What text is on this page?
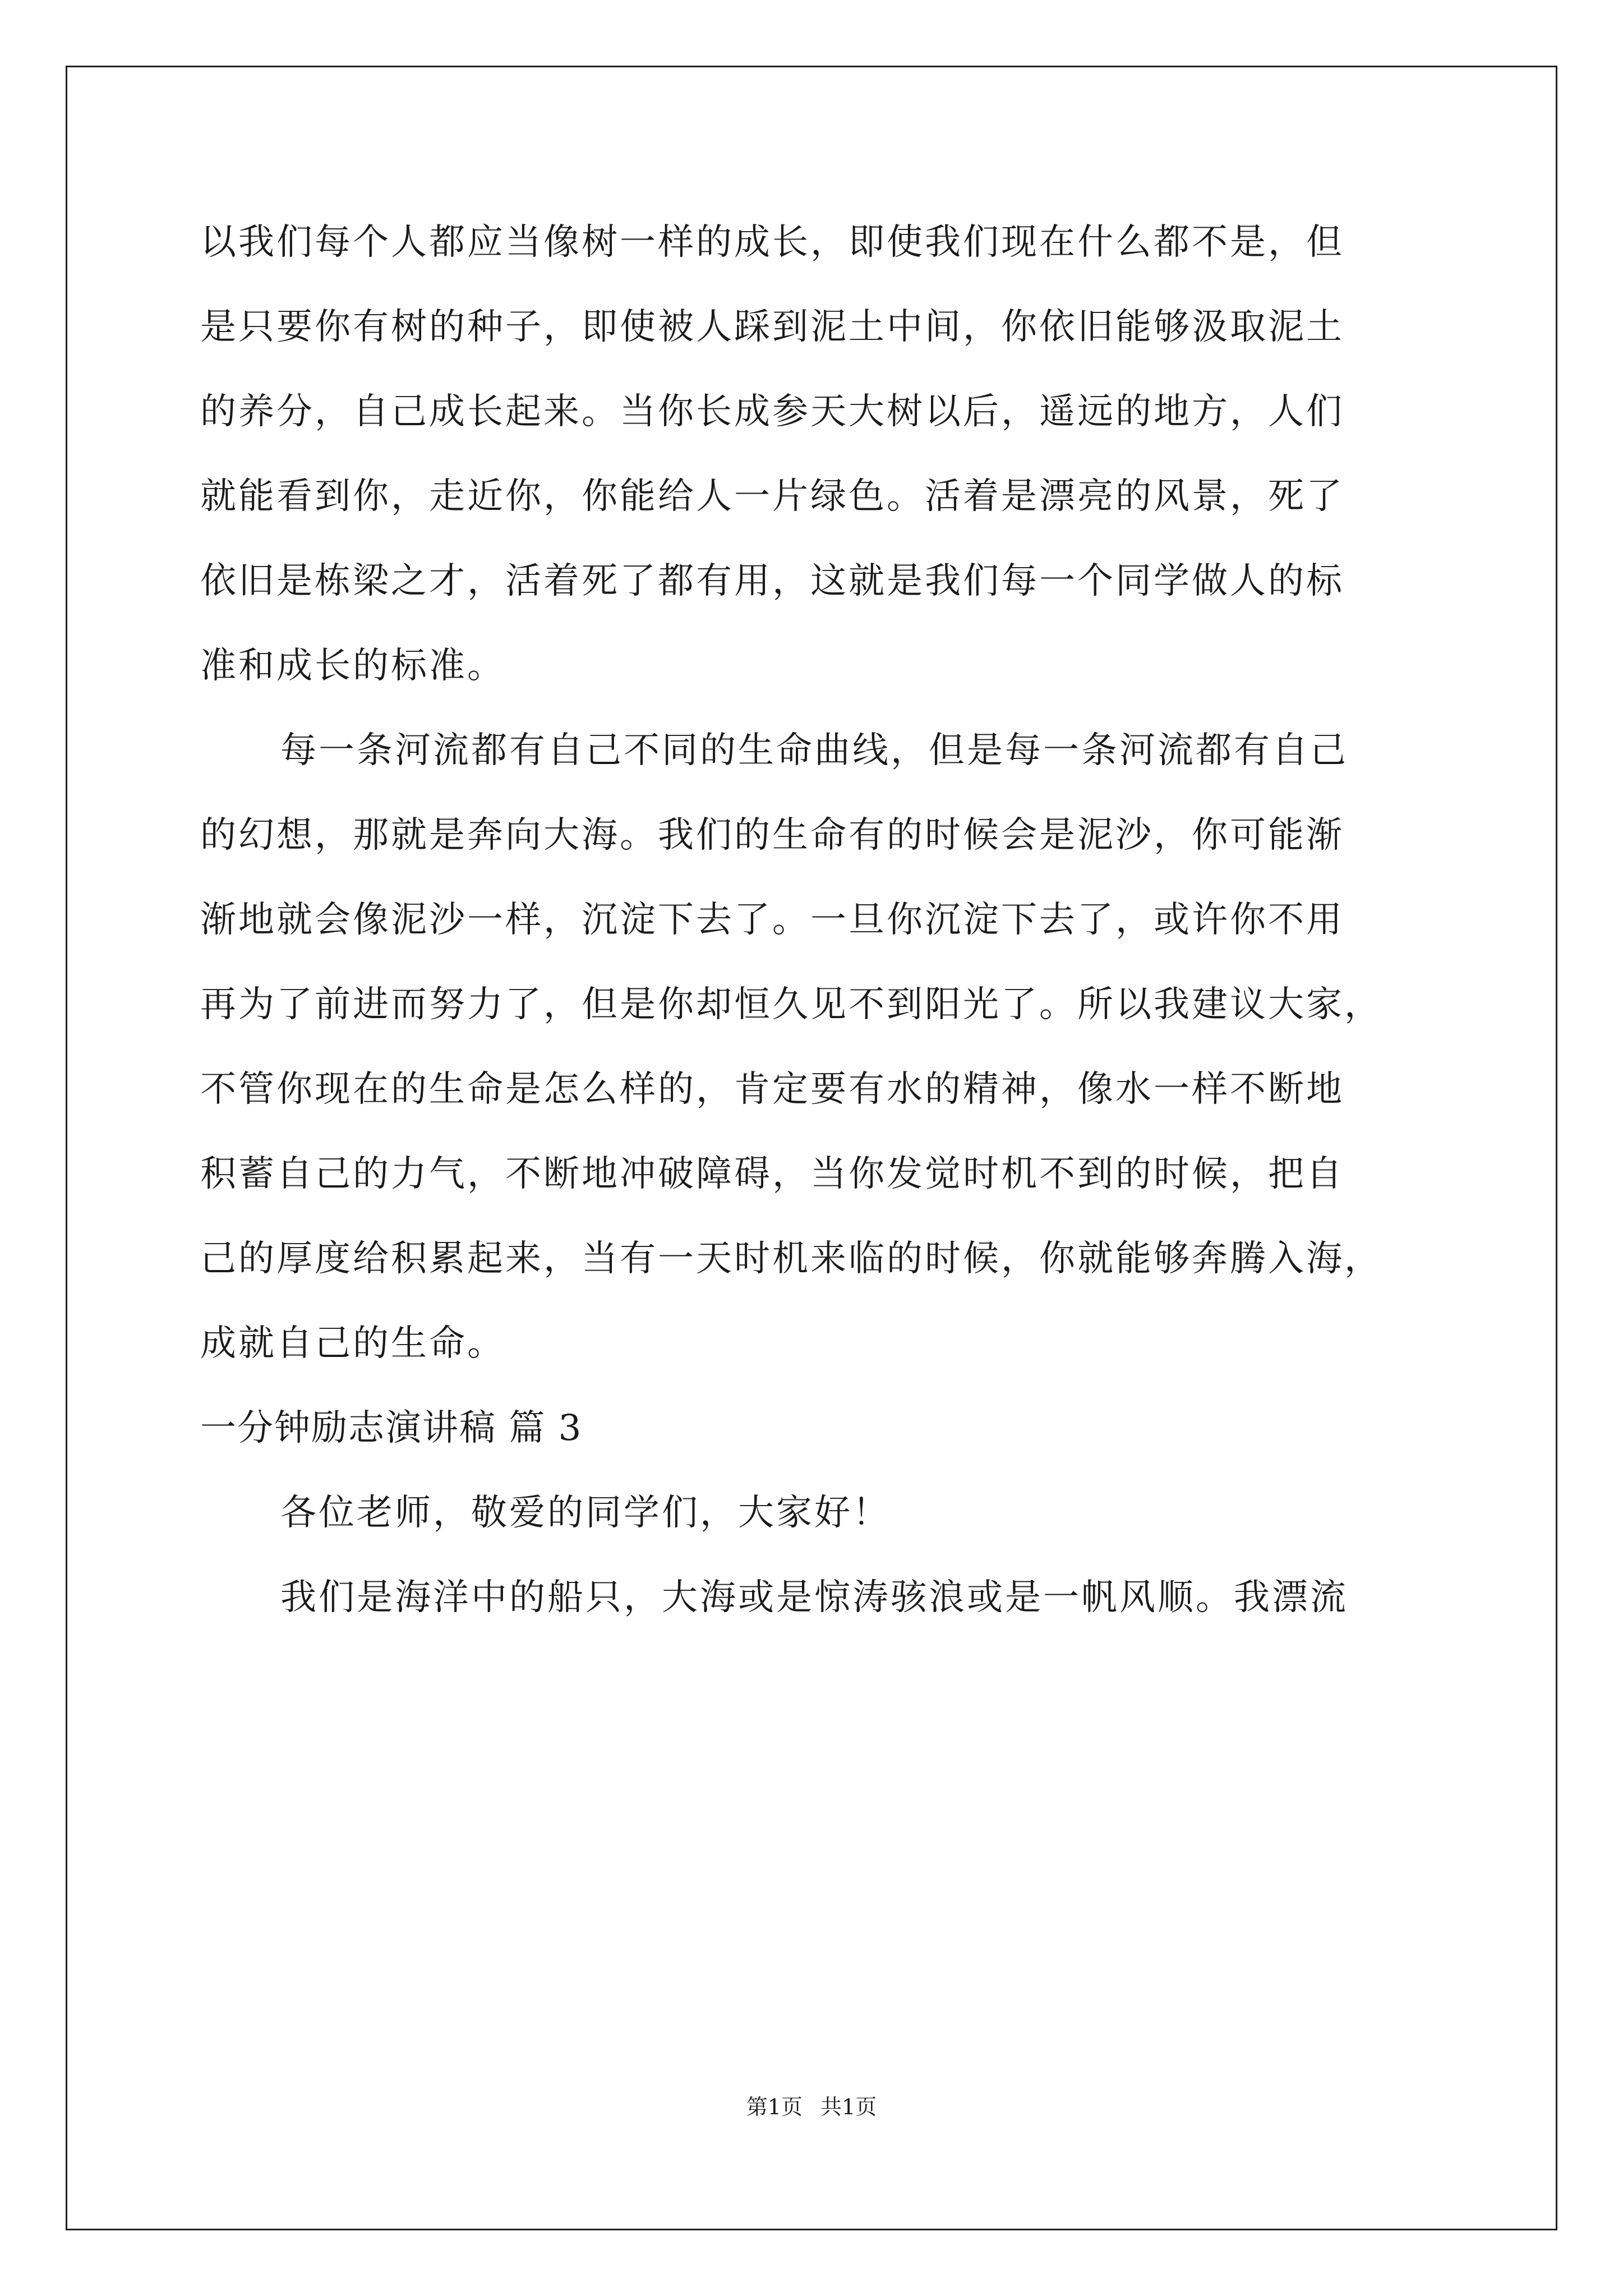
以我们每个人都应当像树一样的成长，即使我们现在什么都不是，但
是只要你有树的种子，即使被人踩到泥土中间，你依旧能够汲取泥土
的养分，自己成长起来。当你长成参天大树以后，遥远的地方，人们
就能看到你，走近你，你能给人一片绿色。活着是漂亮的风景，死了
依旧是栋梁之才，活着死了都有用，这就是我们每一个同学做人的标
准和成长的标准。
每一条河流都有自己不同的生命曲线，但是每一条河流都有自己
的幻想，那就是奔向大海。我们的生命有的时候会是泥沙，你可能渐
渐地就会像泥沙一样，沉淀下去了。一旦你沉淀下去了，或许你不用
再为了前进而努力了，但是你却恒久见不到阳光了。所以我建议大家，
不管你现在的生命是怎么样的，肯定要有水的精神，像水一样不断地
积蓄自己的力气，不断地冲破障碍，当你发觉时机不到的时候，把自
己的厚度给积累起来，当有一天时机来临的时候，你就能够奔腾入海，
成就自己的生命。
一分钟励志演讲稿 篇 3
各位老师，敬爱的同学们，大家好！
我们是海洋中的船只，大海或是惊涛骇浪或是一帆风顺。我漂流
第1页 共1页
